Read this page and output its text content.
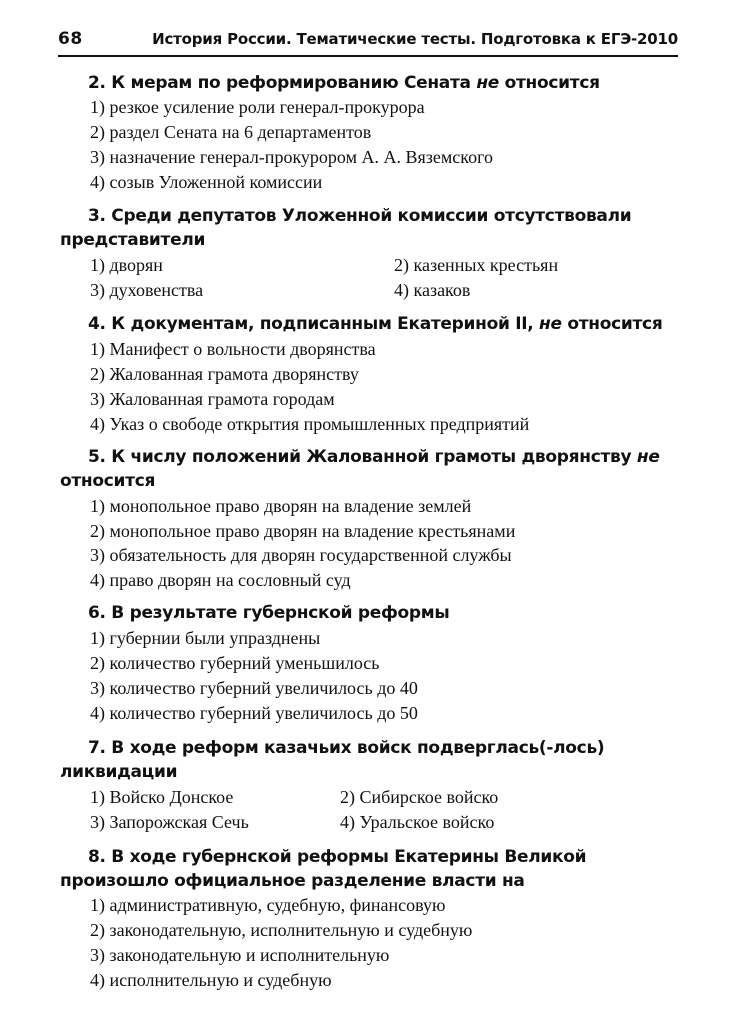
68	История России. Тематические тесты. Подготовка к ЕГЭ-2010
2. К мерам по реформированию Сената не относится
1) резкое усиление роли генерал-прокурора
2) раздел Сената на 6 департаментов
3) назначение генерал-прокурором А. А. Вяземского
4) созыв Уложенной комиссии
3. Среди депутатов Уложенной комиссии отсутствовали представители
1) дворян	2) казенных крестьян
3) духовенства	4) казаков
4. К документам, подписанным Екатериной II, не относится
1) Манифест о вольности дворянства
2) Жалованная грамота дворянству
3) Жалованная грамота городам
4) Указ о свободе открытия промышленных предприятий
5. К числу положений Жалованной грамоты дворянству не относится
1) монопольное право дворян на владение землей
2) монопольное право дворян на владение крестьянами
3) обязательность для дворян государственной службы
4) право дворян на сословный суд
6. В результате губернской реформы
1) губернии были упразднены
2) количество губерний уменьшилось
3) количество губерний увеличилось до 40
4) количество губерний увеличилось до 50
7. В ходе реформ казачьих войск подверглась(-лось) ликвидации
1) Войско Донское	2) Сибирское войско
3) Запорожская Сечь	4) Уральское войско
8. В ходе губернской реформы Екатерины Великой произошло официальное разделение власти на
1) административную, судебную, финансовую
2) законодательную, исполнительную и судебную
3) законодательную и исполнительную
4) исполнительную и судебную
